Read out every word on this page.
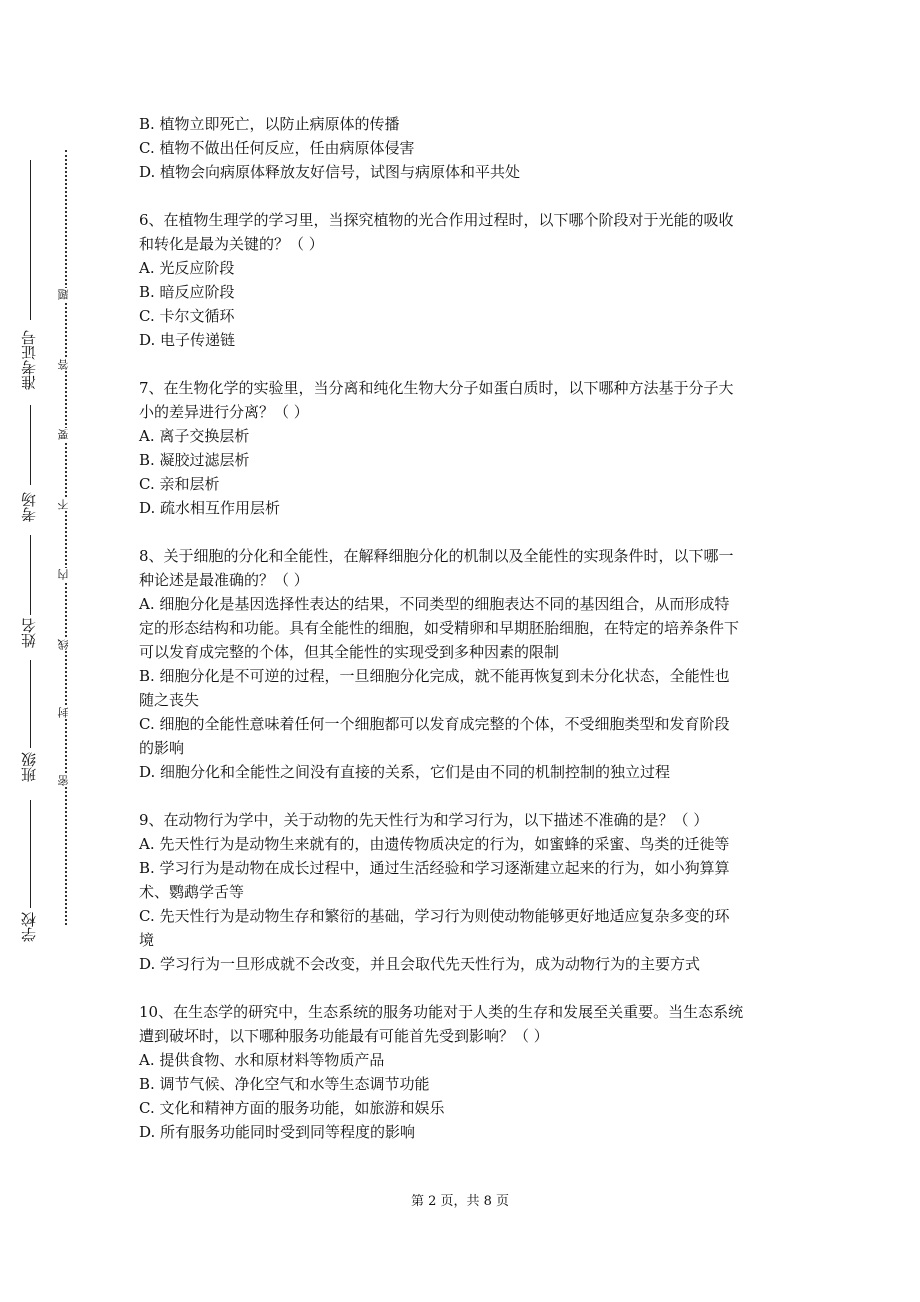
准考证号
考场
姓名
班级
学校
题
答
要
不
内
线
封
密
B. 植物立即死亡，以防止病原体的传播
C. 植物不做出任何反应，任由病原体侵害
D. 植物会向病原体释放友好信号，试图与病原体和平共处
6、在植物生理学的学习里，当探究植物的光合作用过程时，以下哪个阶段对于光能的吸收
和转化是最为关键的？（ ）
A. 光反应阶段
B. 暗反应阶段
C. 卡尔文循环
D. 电子传递链
7、在生物化学的实验里，当分离和纯化生物大分子如蛋白质时，以下哪种方法基于分子大
小的差异进行分离？（ ）
A. 离子交换层析
B. 凝胶过滤层析
C. 亲和层析
D. 疏水相互作用层析
8、关于细胞的分化和全能性，在解释细胞分化的机制以及全能性的实现条件时，以下哪一
种论述是最准确的？（ ）
A. 细胞分化是基因选择性表达的结果，不同类型的细胞表达不同的基因组合，从而形成特
定的形态结构和功能。具有全能性的细胞，如受精卵和早期胚胎细胞，在特定的培养条件下
可以发育成完整的个体，但其全能性的实现受到多种因素的限制
B. 细胞分化是不可逆的过程，一旦细胞分化完成，就不能再恢复到未分化状态，全能性也
随之丧失
C. 细胞的全能性意味着任何一个细胞都可以发育成完整的个体，不受细胞类型和发育阶段
的影响
D. 细胞分化和全能性之间没有直接的关系，它们是由不同的机制控制的独立过程
9、在动物行为学中，关于动物的先天性行为和学习行为，以下描述不准确的是？（ ）
A. 先天性行为是动物生来就有的，由遗传物质决定的行为，如蜜蜂的采蜜、鸟类的迁徙等
B. 学习行为是动物在成长过程中，通过生活经验和学习逐渐建立起来的行为，如小狗算算
术、鹦鹉学舌等
C. 先天性行为是动物生存和繁衍的基础，学习行为则使动物能够更好地适应复杂多变的环
境
D. 学习行为一旦形成就不会改变，并且会取代先天性行为，成为动物行为的主要方式
10、在生态学的研究中，生态系统的服务功能对于人类的生存和发展至关重要。当生态系统
遭到破坏时，以下哪种服务功能最有可能首先受到影响？（ ）
A. 提供食物、水和原材料等物质产品
B. 调节气候、净化空气和水等生态调节功能
C. 文化和精神方面的服务功能，如旅游和娱乐
D. 所有服务功能同时受到同等程度的影响
第 2 页，共 8 页
